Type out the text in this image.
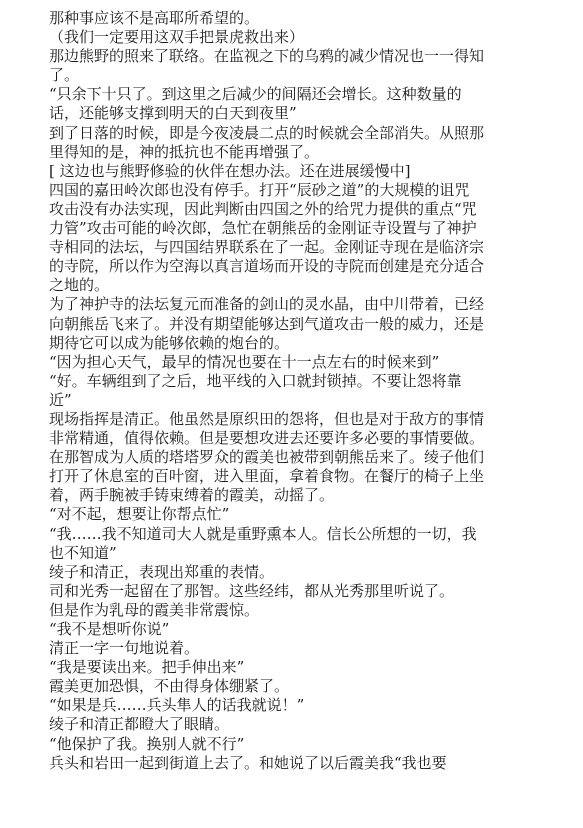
那种事应该不是高耶所希望的。
（我们一定要用这双手把景虎救出来）
那边熊野的照来了联络。在监视之下的乌鸦的减少情况也一一得知
了。
“只余下十只了。到这里之后减少的间隔还会增长。这种数量的
话，还能够支撑到明天的白天到夜里”
到了日落的时候，即是今夜凌晨二点的时候就会全部消失。从照那
里得知的是，神的抵抗也不能再增强了。
[ 这边也与熊野修验的伙伴在想办法。还在进展缓慢中]
四国的嘉田岭次郎也没有停手。打开“辰砂之道”的大规模的诅咒
攻击没有办法实现，因此判断由四国之外的给咒力提供的重点“咒
力管”攻击可能的岭次郎，急忙在朝熊岳的金刚证寺设置与了神护
寺相同的法坛，与四国结界联系在了一起。金刚证寺现在是临济宗
的寺院，所以作为空海以真言道场而开设的寺院而创建是充分适合
之地的。
为了神护寺的法坛复元而准备的剑山的灵水晶，由中川带着，已经
向朝熊岳飞来了。并没有期望能够达到气道攻击一般的威力，还是
期待它可以成为能够依赖的炮台的。
“因为担心天气，最早的情况也要在十一点左右的时候来到”
“好。车辆组到了之后，地平线的入口就封锁掉。不要让怨将靠
近”
现场指挥是清正。他虽然是原织田的怨将，但也是对于敌方的事情
非常精通，值得依赖。但是要想攻进去还要许多必要的事情要做。
在那智成为人质的塔塔罗众的霞美也被带到朝熊岳来了。绫子他们
打开了休息室的百叶窗，进入里面，拿着食物。在餐厅的椅子上坐
着，两手腕被手铸束缚着的霞美，动摇了。
“对不起，想要让你帮点忙”
“我……我不知道司大人就是重野熏本人。信长公所想的一切，我
也不知道”
绫子和清正，表现出郑重的表情。
司和光秀一起留在了那智。这些经纬，都从光秀那里听说了。
但是作为乳母的霞美非常震惊。
“我不是想听你说”
清正一字一句地说着。
“我是要读出来。把手伸出来”
霞美更加恐惧，不由得身体绷紧了。
“如果是兵……兵头隼人的话我就说！”
绫子和清正都瞪大了眼睛。
“他保护了我。换别人就不行”
兵头和岩田一起到街道上去了。和她说了以后霞美我“我也要
